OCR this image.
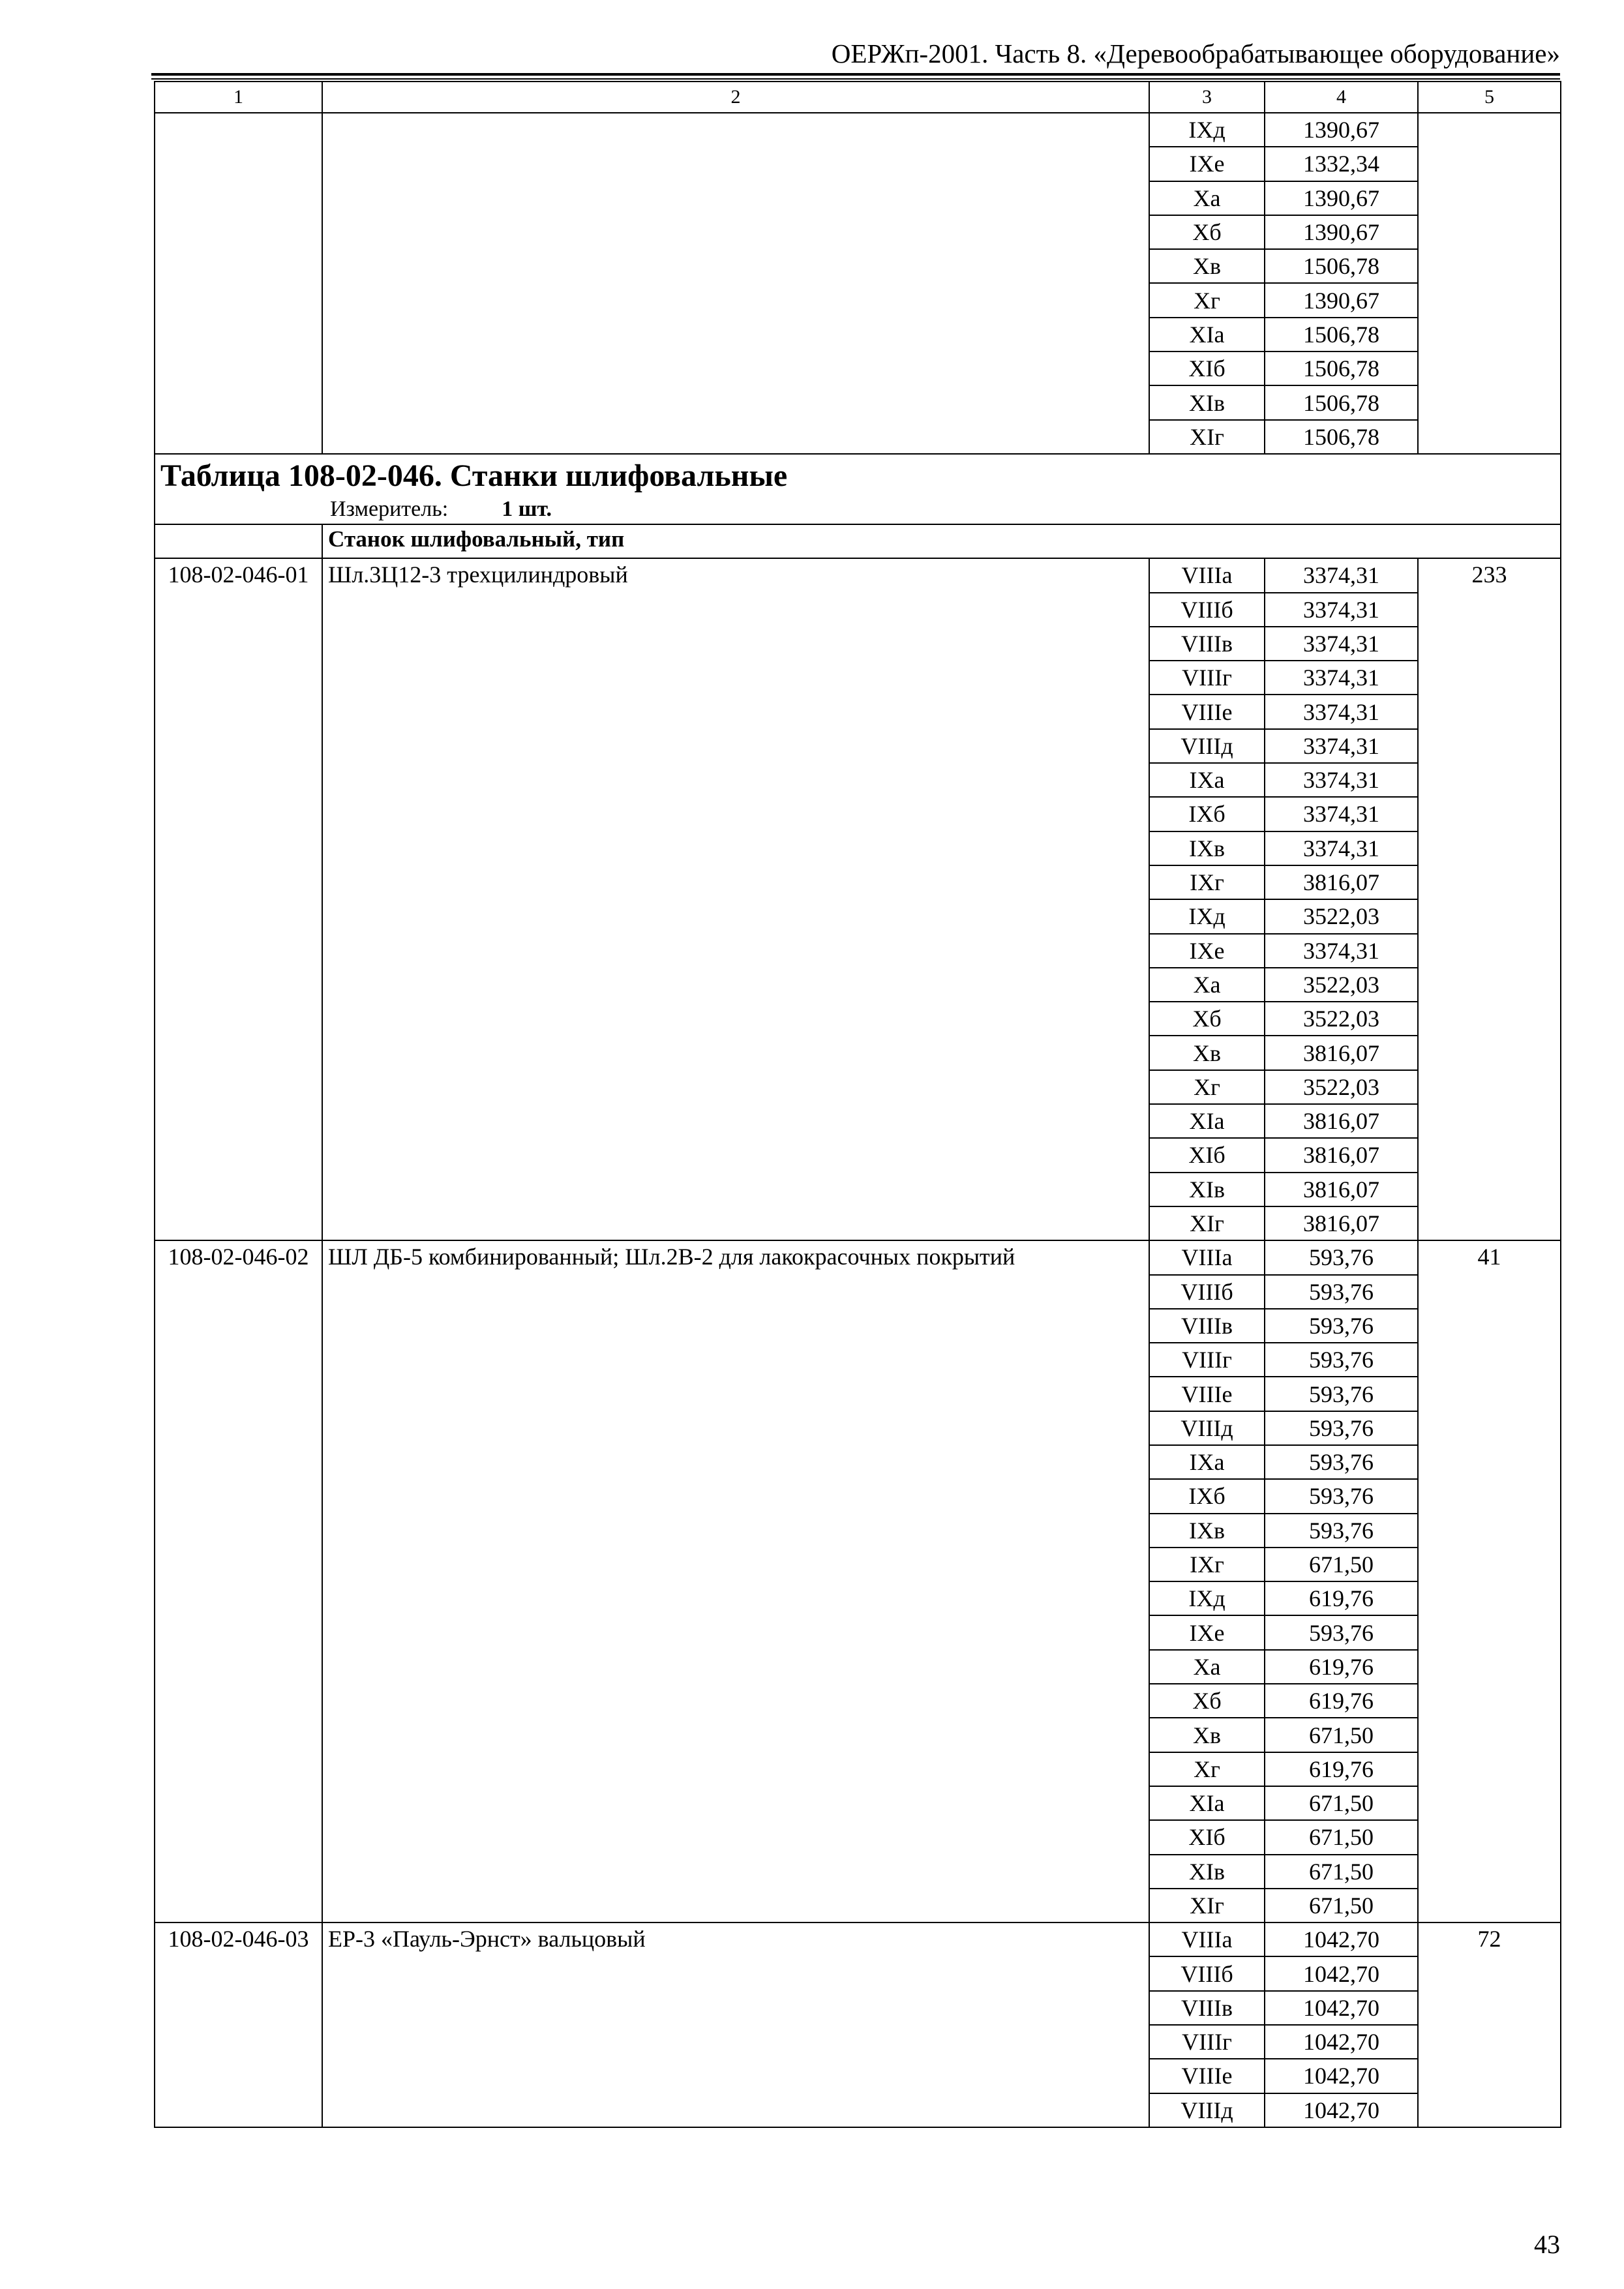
ОЕРЖп-2001. Часть 8. «Деревообрабатывающее оборудование»
1	2	3	4	5
		IXд	1390,67	
		IXе	1332,34	
		Xа	1390,67	
		Xб	1390,67	
		Xв	1506,78	
		Xг	1390,67	
		XIа	1506,78	
		XIб	1506,78	
		XIв	1506,78	
		XIг	1506,78	

Таблица 108-02-046. Станки шлифовальные
Измеритель: 1 шт.				

	Станок шлифовальный, тип			
108-02-046-01	Шл.3Ц12-3 трехцилиндровый	VIIIа	3374,31	233
		VIIIб	3374,31	
		VIIIв	3374,31	
		VIIIг	3374,31	
		VIIIе	3374,31	
		VIIIд	3374,31	
		IXа	3374,31	
		IXб	3374,31	
		IXв	3374,31	
		IXг	3816,07	
		IXд	3522,03	
		IXе	3374,31	
		Xа	3522,03	
		Xб	3522,03	
		Xв	3816,07	
		Xг	3522,03	
		XIа	3816,07	
		XIб	3816,07	
		XIв	3816,07	
		XIг	3816,07	
108-02-046-02	ШЛ ДБ-5 комбинированный; Шл.2В-2 для лакокрасочных покрытий	VIIIа	593,76	41
		VIIIб	593,76	
		VIIIв	593,76	
		VIIIг	593,76	
		VIIIе	593,76	
		VIIIд	593,76	
		IXа	593,76	
		IXб	593,76	
		IXв	593,76	
		IXг	671,50	
		IXд	619,76	
		IXе	593,76	
		Xа	619,76	
		Xб	619,76	
		Xв	671,50	
		Xг	619,76	
		XIа	671,50	
		XIб	671,50	
		XIв	671,50	
		XIг	671,50	
108-02-046-03	ЕР-3 «Пауль-Эрнст» вальцовый	VIIIа	1042,70	72
		VIIIб	1042,70	
		VIIIв	1042,70	
		VIIIг	1042,70	
		VIIIе	1042,70	
		VIIIд	1042,70	
43
